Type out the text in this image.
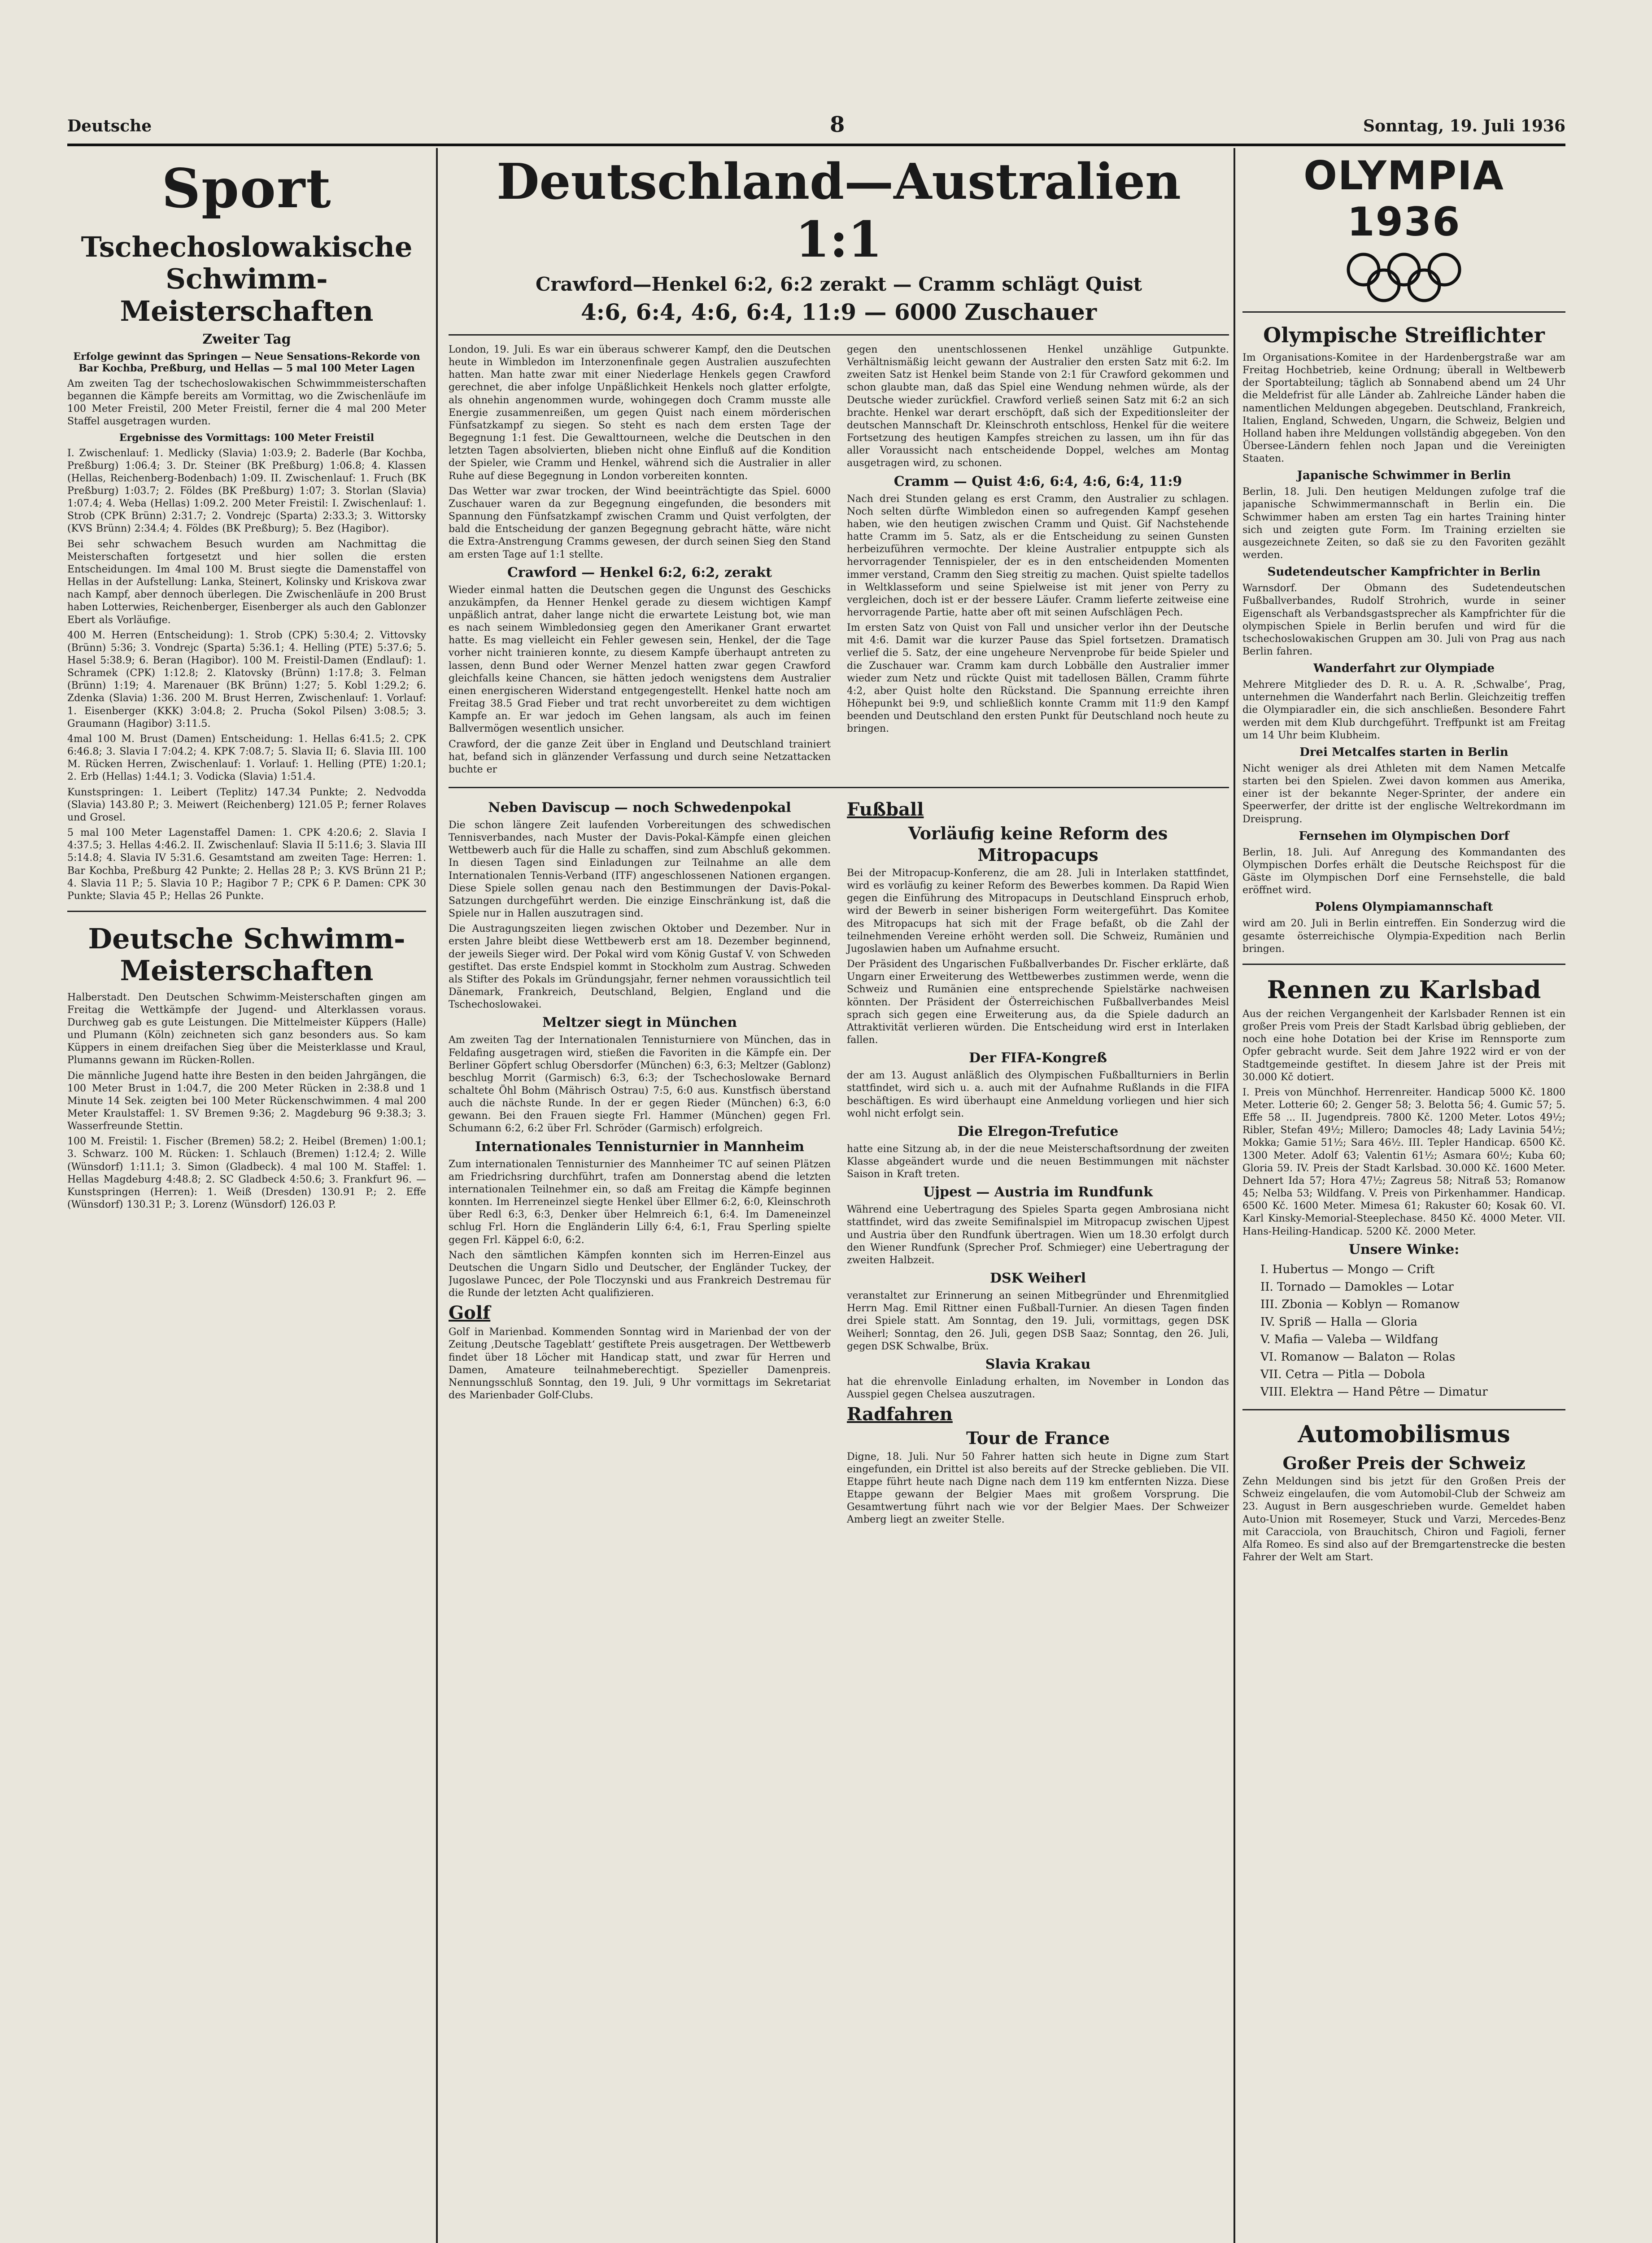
Deutsche	8	Sonntag, 19. Juli 1936
Sport
Tschechoslowakische Schwimm-Meisterschaften
Zweiter Tag
Erfolge gewinnt das Springen — Neue Sensations-Rekorde von Bar Kochba, Preßburg, und Hellas — 5 mal 100 Meter Lagen

Am zweiten Tag der tschechoslowakischen Schwimmmeisterschaften begannen die Kämpfe bereits am Vormittag, wo die Zwischenläufe im 100 Meter Freistil, 200 Meter Freistil, ferner die 4 mal 200 Meter Staffel ausgetragen wurden.

Ergebnisse des Vormittags: 100 Meter Freistil

I. Zwischenlauf: 1. Medlicky (Slavia) 1:03.9; 2. Baderle (Bar Kochba, Preßburg) 1:06.4; 3. Dr. Steiner (BK Preßburg) 1:06.8; 4. Klassen (Hellas, Reichenberg-Bodenbach) 1:09. II. Zwischenlauf: 1. Fruch (BK Preßburg) 1:03.7; 2. Földes (BK Preßburg) 1:07; 3. Storlan (Slavia) 1:07.4; 4. Weba (Hellas) 1:09.2. 200 Meter Freistil: I. Zwischenlauf: 1. Strob (CPK Brünn) 2:31.7; 2. Vondrejc (Sparta) 2:33.3; 3. Wittorsky (KVS Brünn) 2:34.4; 4. Földes (BK Preßburg); 5. Bez (Hagibor).

Bei sehr schwachem Besuch wurden am Nachmittag die Meisterschaften fortgesetzt und hier sollen die ersten Entscheidungen. Im 4mal 100 M. Brust siegte die Damenstaffel von Hellas in der Aufstellung: Lanka, Steinert, Kolinsky und Kriskova zwar nach Kampf, aber dennoch überlegen. Die Zwischenläufe in 200 Brust haben Lotterwies, Reichenberger, Eisenberger als auch den Gablonzer Ebert als Vorläufige.

400 M. Herren (Entscheidung): 1. Strob (CPK) 5:30.4; 2. Vittovsky (Brünn) 5:36; 3. Vondrejc (Sparta) 5:36.1; 4. Helling (PTE) 5:37.6; 5. Hasel 5:38.9; 6. Beran (Hagibor). 100 M. Freistil-Damen (Endlauf): 1. Schramek (CPK) 1:12.8; 2. Klatovsky (Brünn) 1:17.8; 3. Felman (Brünn) 1:19; 4. Marenauer (BK Brünn) 1:27; 5. Kobl 1:29.2; 6. Zdenka (Slavia) 1:36. 200 M. Brust Herren, Zwischenlauf: 1. Vorlauf: 1. Eisenberger (KKK) 3:04.8; 2. Prucha (Sokol Pilsen) 3:08.5; 3. Graumann (Hagibor) 3:11.5.

4mal 100 M. Brust (Damen) Entscheidung: 1. Hellas 6:41.5; 2. CPK 6:46.8; 3. Slavia I 7:04.2; 4. KPK 7:08.7; 5. Slavia II; 6. Slavia III. 100 M. Rücken Herren, Zwischenlauf: 1. Vorlauf: 1. Helling (PTE) 1:20.1; 2. Erb (Hellas) 1:44.1; 3. Vodicka (Slavia) 1:51.4.

Kunstspringen: 1. Leibert (Teplitz) 147.34 Punkte; 2. Nedvodda (Slavia) 143.80 P.; 3. Meiwert (Reichenberg) 121.05 P.; ferner Rolaves und Grosel.

5 mal 100 Meter Lagenstaffel Damen: 1. CPK 4:20.6; 2. Slavia I 4:37.5; 3. Hellas 4:46.2. II. Zwischenlauf: Slavia II 5:11.6; 3. Slavia III 5:14.8; 4. Slavia IV 5:31.6. Gesamtstand am zweiten Tage: Herren: 1. Bar Kochba, Preßburg 42 Punkte; 2. Hellas 28 P.; 3. KVS Brünn 21 P.; 4. Slavia 11 P.; 5. Slavia 10 P.; Hagibor 7 P.; CPK 6 P. Damen: CPK 30 Punkte; Slavia 45 P.; Hellas 26 Punkte.

Deutsche Schwimm-Meisterschaften

Halberstadt. Den Deutschen Schwimm-Meisterschaften gingen am Freitag die Wettkämpfe der Jugend- und Alterklassen voraus. Durchweg gab es gute Leistungen. Die Mittelmeister Küppers (Halle) und Plumann (Köln) zeichneten sich ganz besonders aus. So kam Küppers in einem dreifachen Sieg über die Meisterklasse und Kraul, Plumanns gewann im Rücken-Rollen.

Die männliche Jugend hatte ihre Besten in den beiden Jahrgängen, die 100 Meter Brust in 1:04.7, die 200 Meter Rücken in 2:38.8 und 1 Minute 14 Sek. zeigten bei 100 Meter Rückenschwimmen. 4 mal 200 Meter Kraulstaffel: 1. SV Bremen 9:36; 2. Magdeburg 96 9:38.3; 3. Wasserfreunde Stettin.

100 M. Freistil: 1. Fischer (Bremen) 58.2; 2. Heibel (Bremen) 1:00.1; 3. Schwarz. 100 M. Rücken: 1. Schlauch (Bremen) 1:12.4; 2. Wille (Wünsdorf) 1:11.1; 3. Simon (Gladbeck). 4 mal 100 M. Staffel: 1. Hellas Magdeburg 4:48.8; 2. SC Gladbeck 4:50.6; 3. Frankfurt 96. — Kunstspringen (Herren): 1. Weiß (Dresden) 130.91 P.; 2. Effe (Wünsdorf) 130.31 P.; 3. Lorenz (Wünsdorf) 126.03 P.

Deutschland—Australien 1:1
Crawford—Henkel 6:2, 6:2 zerakt — Cramm schlägt Quist
4:6, 6:4, 4:6, 6:4, 11:9 — 6000 Zuschauer

London, 19. Juli. Es war ein überaus schwerer Kampf, den die Deutschen heute in Wimbledon im Interzonenfinale gegen Australien auszufechten hatten. Man hatte zwar mit einer Niederlage Henkels gegen Crawford gerechnet, die aber infolge Unpäßlichkeit Henkels noch glatter erfolgte, als ohnehin angenommen wurde, wohingegen doch Cramm musste alle Energie zusammenreißen, um gegen Quist nach einem mörderischen Fünfsatzkampf zu siegen. So steht es nach dem ersten Tage der Begegnung 1:1 fest. Die Gewalttourneen, welche die Deutschen in den letzten Tagen absolvierten, blieben nicht ohne Einfluß auf die Kondition der Spieler, wie Cramm und Henkel, während sich die Australier in aller Ruhe auf diese Begegnung in London vorbereiten konnten.

Das Wetter war zwar trocken, der Wind beeinträchtigte das Spiel. 6000 Zuschauer waren da zur Begegnung eingefunden, die besonders mit Spannung den Fünfsatzkampf zwischen Cramm und Quist verfolgten, der bald die Entscheidung der ganzen Begegnung gebracht hätte, wäre nicht die Extra-Anstrengung Cramms gewesen, der durch seinen Sieg den Stand am ersten Tage auf 1:1 stellte.

Crawford — Henkel 6:2, 6:2, zerakt

Wieder einmal hatten die Deutschen gegen die Ungunst des Geschicks anzukämpfen, da Henner Henkel gerade zu diesem wichtigen Kampf unpäßlich antrat, daher lange nicht die erwartete Leistung bot, wie man es nach seinem Wimbledonsieg gegen den Amerikaner Grant erwartet hatte. Es mag vielleicht ein Fehler gewesen sein, Henkel, der die Tage vorher nicht trainieren konnte, zu diesem Kampfe überhaupt antreten zu lassen, denn Bund oder Werner Menzel hatten zwar gegen Crawford gleichfalls keine Chancen, sie hätten jedoch wenigstens dem Australier einen energischeren Widerstand entgegengestellt. Henkel hatte noch am Freitag 38.5 Grad Fieber und trat recht unvorbereitet zu dem wichtigen Kampfe an. Er war jedoch im Gehen langsam, als auch im feinen Ballvermögen wesentlich unsicher.

Crawford, der die ganze Zeit über in England und Deutschland trainiert hat, befand sich in glänzender Verfassung und durch seine Netzattacken buchte er

gegen den unentschlossenen Henkel unzählige Gutpunkte. Verhältnismäßig leicht gewann der Australier den ersten Satz mit 6:2. Im zweiten Satz ist Henkel beim Stande von 2:1 für Crawford gekommen und schon glaubte man, daß das Spiel eine Wendung nehmen würde, als der Deutsche wieder zurückfiel. Crawford verließ seinen Satz mit 6:2 an sich brachte. Henkel war derart erschöpft, daß sich der Expeditionsleiter der deutschen Mannschaft Dr. Kleinschroth entschloss, Henkel für die weitere Fortsetzung des heutigen Kampfes streichen zu lassen, um ihn für das aller Voraussicht nach entscheidende Doppel, welches am Montag ausgetragen wird, zu schonen.

Cramm — Quist 4:6, 6:4, 4:6, 6:4, 11:9

Nach drei Stunden gelang es erst Cramm, den Australier zu schlagen. Noch selten dürfte Wimbledon einen so aufregenden Kampf gesehen haben, wie den heutigen zwischen Cramm und Quist. Gif Nachstehende hatte Cramm im 5. Satz, als er die Entscheidung zu seinen Gunsten herbeizuführen vermochte. Der kleine Australier entpuppte sich als hervorragender Tennispieler, der es in den entscheidenden Momenten immer verstand, Cramm den Sieg streitig zu machen. Quist spielte tadellos in Weltklasseform und seine Spielweise ist mit jener von Perry zu vergleichen, doch ist er der bessere Läufer. Cramm lieferte zeitweise eine hervorragende Partie, hatte aber oft mit seinen Aufschlägen Pech.

Im ersten Satz von Quist von Fall und unsicher verlor ihn der Deutsche mit 4:6. Damit war die kurzer Pause das Spiel fortsetzen. Dramatisch verlief die 5. Satz, der eine ungeheure Nervenprobe für beide Spieler und die Zuschauer war. Cramm kam durch Lobbälle den Australier immer wieder zum Netz und rückte Quist mit tadellosen Bällen, Cramm führte 4:2, aber Quist holte den Rückstand. Die Spannung erreichte ihren Höhepunkt bei 9:9, und schließlich konnte Cramm mit 11:9 den Kampf beenden und Deutschland den ersten Punkt für Deutschland noch heute zu bringen.

Neben Daviscup — noch Schwedenpokal

Die schon längere Zeit laufenden Vorbereitungen des schwedischen Tennisverbandes, nach Muster der Davis-Pokal-Kämpfe einen gleichen Wettbewerb auch für die Halle zu schaffen, sind zum Abschluß gekommen. In diesen Tagen sind Einladungen zur Teilnahme an alle dem Internationalen Tennis-Verband (ITF) angeschlossenen Nationen ergangen. Diese Spiele sollen genau nach den Bestimmungen der Davis-Pokal-Satzungen durchgeführt werden. Die einzige Einschränkung ist, daß die Spiele nur in Hallen auszutragen sind.

Die Austragungszeiten liegen zwischen Oktober und Dezember. Nur in ersten Jahre bleibt diese Wettbewerb erst am 18. Dezember beginnend, der jeweils Sieger wird. Der Pokal wird vom König Gustaf V. von Schweden gestiftet. Das erste Endspiel kommt in Stockholm zum Austrag. Schweden als Stifter des Pokals im Gründungsjahr, ferner nehmen voraussichtlich teil Dänemark, Frankreich, Deutschland, Belgien, England und die Tschechoslowakei.

Meltzer siegt in München

Am zweiten Tag der Internationalen Tennisturniere von München, das in Feldafing ausgetragen wird, stießen die Favoriten in die Kämpfe ein. Der Berliner Göpfert schlug Obersdorfer (München) 6:3, 6:3; Meltzer (Gablonz) beschlug Morrit (Garmisch) 6:3, 6:3; der Tschechoslowake Bernard schaltete Öhl Bohm (Mährisch Ostrau) 7:5, 6:0 aus. Kunstfisch überstand auch die nächste Runde. In der er gegen Rieder (München) 6:3, 6:0 gewann. Bei den Frauen siegte Frl. Hammer (München) gegen Frl. Schumann 6:2, 6:2 über Frl. Schröder (Garmisch) erfolgreich.

Internationales Tennisturnier in Mannheim

Zum internationalen Tennisturnier des Mannheimer TC auf seinen Plätzen am Friedrichsring durchführt, trafen am Donnerstag abend die letzten internationalen Teilnehmer ein, so daß am Freitag die Kämpfe beginnen konnten. Im Herreneinzel siegte Henkel über Ellmer 6:2, 6:0, Kleinschroth über Redl 6:3, 6:3, Denker über Helmreich 6:1, 6:4. Im Dameneinzel schlug Frl. Horn die Engländerin Lilly 6:4, 6:1, Frau Sperling spielte gegen Frl. Käppel 6:0, 6:2.

Nach den sämtlichen Kämpfen konnten sich im Herren-Einzel aus Deutschen die Ungarn Sidlo und Deutscher, der Engländer Tuckey, der Jugoslawe Puncec, der Pole Tloczynski und aus Frankreich Destremau für die Runde der letzten Acht qualifizieren.

Golf

Golf in Marienbad. Kommenden Sonntag wird in Marienbad der von der Zeitung ‚Deutsche Tageblatt‘ gestiftete Preis ausgetragen. Der Wettbewerb findet über 18 Löcher mit Handicap statt, und zwar für Herren und Damen, Amateure teilnahmeberechtigt. Spezieller Damenpreis. Nennungsschluß Sonntag, den 19. Juli, 9 Uhr vormittags im Sekretariat des Marienbader Golf-Clubs.

Fußball
Vorläufig keine Reform des Mitropacups

Bei der Mitropacup-Konferenz, die am 28. Juli in Interlaken stattfindet, wird es vorläufig zu keiner Reform des Bewerbes kommen. Da Rapid Wien gegen die Einführung des Mitropacups in Deutschland Einspruch erhob, wird der Bewerb in seiner bisherigen Form weitergeführt. Das Komitee des Mitropacups hat sich mit der Frage befaßt, ob die Zahl der teilnehmenden Vereine erhöht werden soll. Die Schweiz, Rumänien und Jugoslawien haben um Aufnahme ersucht.

Der Präsident des Ungarischen Fußballverbandes Dr. Fischer erklärte, daß Ungarn einer Erweiterung des Wettbewerbes zustimmen werde, wenn die Schweiz und Rumänien eine entsprechende Spielstärke nachweisen könnten. Der Präsident der Österreichischen Fußballverbandes Meisl sprach sich gegen eine Erweiterung aus, da die Spiele dadurch an Attraktivität verlieren würden. Die Entscheidung wird erst in Interlaken fallen.

Der FIFA-Kongreß

der am 13. August anläßlich des Olympischen Fußballturniers in Berlin stattfindet, wird sich u. a. auch mit der Aufnahme Rußlands in die FIFA beschäftigen. Es wird überhaupt eine Anmeldung vorliegen und hier sich wohl nicht erfolgt sein.

Die Elregon-Trefutice

hatte eine Sitzung ab, in der die neue Meisterschaftsordnung der zweiten Klasse abgeändert wurde und die neuen Bestimmungen mit nächster Saison in Kraft treten.

Ujpest — Austria im Rundfunk

Während eine Uebertragung des Spieles Sparta gegen Ambrosiana nicht stattfindet, wird das zweite Semifinalspiel im Mitropacup zwischen Ujpest und Austria über den Rundfunk übertragen. Wien um 18.30 erfolgt durch den Wiener Rundfunk (Sprecher Prof. Schmieger) eine Uebertragung der zweiten Halbzeit.

DSK Weiherl

veranstaltet zur Erinnerung an seinen Mitbegründer und Ehrenmitglied Herrn Mag. Emil Rittner einen Fußball-Turnier. An diesen Tagen finden drei Spiele statt. Am Sonntag, den 19. Juli, vormittags, gegen DSK Weiherl; Sonntag, den 26. Juli, gegen DSB Saaz; Sonntag, den 26. Juli, gegen DSK Schwalbe, Brüx.

Slavia Krakau

hat die ehrenvolle Einladung erhalten, im November in London das Ausspiel gegen Chelsea auszutragen.

Radfahren
Tour de France

Digne, 18. Juli. Nur 50 Fahrer hatten sich heute in Digne zum Start eingefunden, ein Drittel ist also bereits auf der Strecke geblieben. Die VII. Etappe führt heute nach Digne nach dem 119 km entfernten Nizza. Diese Etappe gewann der Belgier Maes mit großem Vorsprung. Die Gesamtwertung führt nach wie vor der Belgier Maes. Der Schweizer Amberg liegt an zweiter Stelle.

OLYMPIA 1936
Olympische Streiflichter

Im Organisations-Komitee in der Hardenbergstraße war am Freitag Hochbetrieb, keine Ordnung; überall in Weltbewerb der Sportabteilung; täglich ab Sonnabend abend um 24 Uhr die Meldefrist für alle Länder ab. Zahlreiche Länder haben die namentlichen Meldungen abgegeben. Deutschland, Frankreich, Italien, England, Schweden, Ungarn, die Schweiz, Belgien und Holland haben ihre Meldungen vollständig abgegeben. Von den Übersee-Ländern fehlen noch Japan und die Vereinigten Staaten.

Japanische Schwimmer in Berlin

Berlin, 18. Juli. Den heutigen Meldungen zufolge traf die japanische Schwimmermannschaft in Berlin ein. Die Schwimmer haben am ersten Tag ein hartes Training hinter sich und zeigten gute Form. Im Training erzielten sie ausgezeichnete Zeiten, so daß sie zu den Favoriten gezählt werden.

Sudetendeutscher Kampfrichter in Berlin

Warnsdorf. Der Obmann des Sudetendeutschen Fußballverbandes, Rudolf Strohrich, wurde in seiner Eigenschaft als Verbandsgastsprecher als Kampfrichter für die olympischen Spiele in Berlin berufen und wird für die tschechoslowakischen Gruppen am 30. Juli von Prag aus nach Berlin fahren.

Wanderfahrt zur Olympiade

Mehrere Mitglieder des D. R. u. A. R. ‚Schwalbe‘, Prag, unternehmen die Wanderfahrt nach Berlin. Gleichzeitig treffen die Olympiaradler ein, die sich anschließen. Besondere Fahrt werden mit dem Klub durchgeführt. Treffpunkt ist am Freitag um 14 Uhr beim Klubheim.

Drei Metcalfes starten in Berlin

Nicht weniger als drei Athleten mit dem Namen Metcalfe starten bei den Spielen. Zwei davon kommen aus Amerika, einer ist der bekannte Neger-Sprinter, der andere ein Speerwerfer, der dritte ist der englische Weltrekordmann im Dreisprung.

Fernsehen im Olympischen Dorf

Berlin, 18. Juli. Auf Anregung des Kommandanten des Olympischen Dorfes erhält die Deutsche Reichspost für die Gäste im Olympischen Dorf eine Fernsehstelle, die bald eröffnet wird.

Polens Olympiamannschaft

wird am 20. Juli in Berlin eintreffen. Ein Sonderzug wird die gesamte österreichische Olympia-Expedition nach Berlin bringen.

Rennen zu Karlsbad

Aus der reichen Vergangenheit der Karlsbader Rennen ist ein großer Preis vom Preis der Stadt Karlsbad übrig geblieben, der noch eine hohe Dotation bei der Krise im Rennsporte zum Opfer gebracht wurde. Seit dem Jahre 1922 wird er von der Stadtgemeinde gestiftet. In diesem Jahre ist der Preis mit 30.000 Kč dotiert.

I. Preis von Münchhof. Herrenreiter. Handicap 5000 Kč. 1800 Meter. Lotterie 60; 2. Genger 58; 3. Belotta 56; 4. Gumic 57; 5. Effe 58 ... II. Jugendpreis. 7800 Kč. 1200 Meter. Lotos 49½; Ribler, Stefan 49½; Millero; Damocles 48; Lady Lavinia 54½; Mokka; Gamie 51½; Sara 46½. III. Tepler Handicap. 6500 Kč. 1300 Meter. Adolf 63; Valentin 61½; Asmara 60½; Kuba 60; Gloria 59. IV. Preis der Stadt Karlsbad. 30.000 Kč. 1600 Meter. Dehnert Ida 57; Hora 47½; Zagreus 58; Nitraß 53; Romanow 45; Nelba 53; Wildfang. V. Preis von Pirkenhammer. Handicap. 6500 Kč. 1600 Meter. Mimesa 61; Rakuster 60; Kosak 60. VI. Karl Kinsky-Memorial-Steeplechase. 8450 Kč. 4000 Meter. VII. Hans-Heiling-Handicap. 5200 Kč. 2000 Meter.

Unsere Winke:
I. Hubertus — Mongo — Crift
II. Tornado — Damokles — Lotar
III. Zbonia — Koblyn — Romanow
IV. Spriß — Halla — Gloria
V. Mafia — Valeba — Wildfang
VI. Romanow — Balaton — Rolas
VII. Cetra — Pitla — Dobola
VIII. Elektra — Hand Pêtre — Dimatur
Automobilismus
Großer Preis der Schweiz

Zehn Meldungen sind bis jetzt für den Großen Preis der Schweiz eingelaufen, die vom Automobil-Club der Schweiz am 23. August in Bern ausgeschrieben wurde. Gemeldet haben Auto-Union mit Rosemeyer, Stuck und Varzi, Mercedes-Benz mit Caracciola, von Brauchitsch, Chiron und Fagioli, ferner Alfa Romeo. Es sind also auf der Bremgartenstrecke die besten Fahrer der Welt am Start.
